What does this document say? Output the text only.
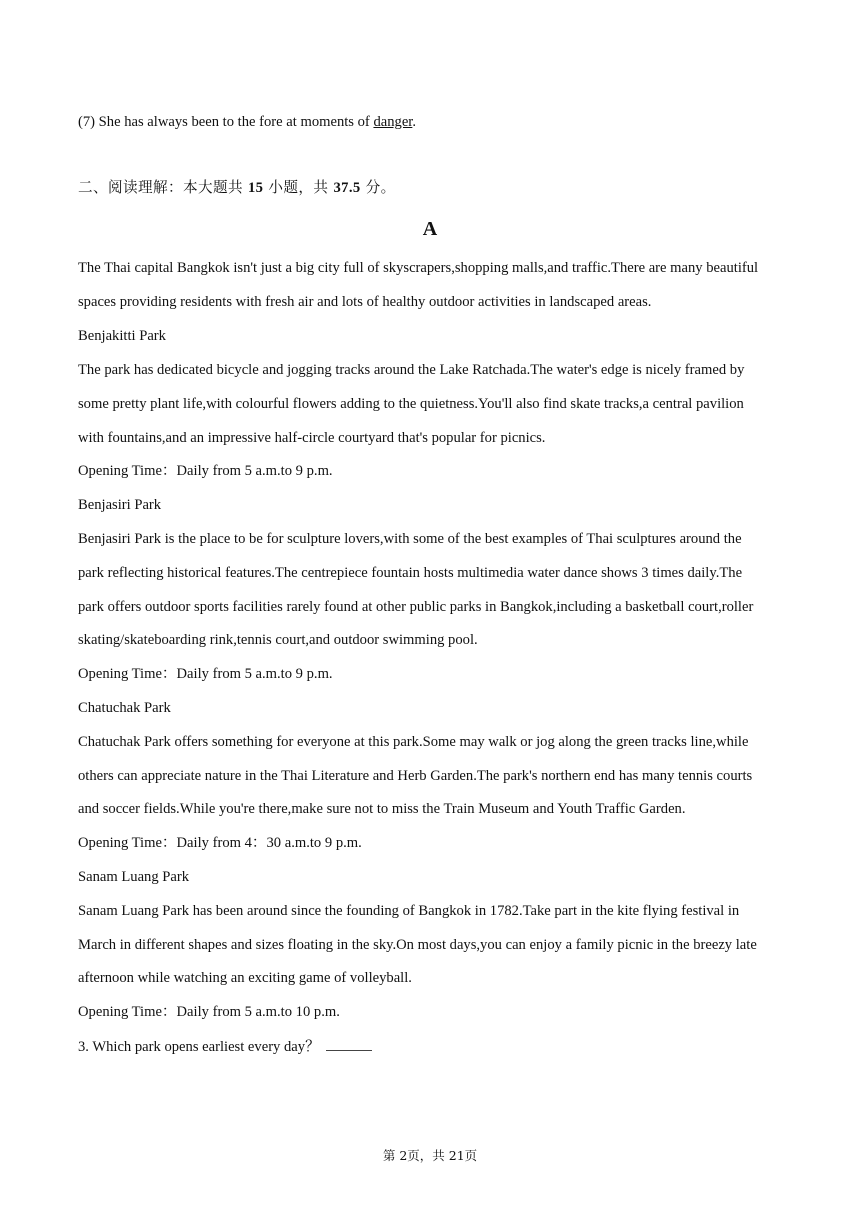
(7) She has always been to the fore at moments of danger.
二、阅读理解：本大题共 15 小题，共 37.5 分。
A
The Thai capital Bangkok isn't just a big city full of skyscrapers,shopping malls,and traffic.There are many beautiful
spaces providing residents with fresh air and lots of healthy outdoor activities in landscaped areas.
Benjakitti Park
The park has dedicated bicycle and jogging tracks around the Lake Ratchada.The water's edge is nicely framed by
some pretty plant life,with colourful flowers adding to the quietness.You'll also find skate tracks,a central pavilion
with fountains,and an impressive half-circle courtyard that's popular for picnics.
Opening Time：Daily from 5 a.m.to 9 p.m.
Benjasiri Park
Benjasiri Park is the place to be for sculpture lovers,with some of the best examples of Thai sculptures around the
park reflecting historical features.The centrepiece fountain hosts multimedia water dance shows 3 times daily.The
park offers outdoor sports facilities rarely found at other public parks in Bangkok,including a basketball court,roller
skating/skateboarding rink,tennis court,and outdoor swimming pool.
Opening Time：Daily from 5 a.m.to 9 p.m.
Chatuchak Park
Chatuchak Park offers something for everyone at this park.Some may walk or jog along the green tracks line,while
others can appreciate nature in the Thai Literature and Herb Garden.The park's northern end has many tennis courts
and soccer fields.While you're there,make sure not to miss the Train Museum and Youth Traffic Garden.
Opening Time：Daily from 4：30 a.m.to 9 p.m.
Sanam Luang Park
Sanam Luang Park has been around since the founding of Bangkok in 1782.Take part in the kite flying festival in
March in different shapes and sizes floating in the sky.On most days,you can enjoy a family picnic in the breezy late
afternoon while watching an exciting game of volleyball.
Opening Time：Daily from 5 a.m.to 10 p.m.
3. Which park opens earliest every day？
第 2页，共 21页
